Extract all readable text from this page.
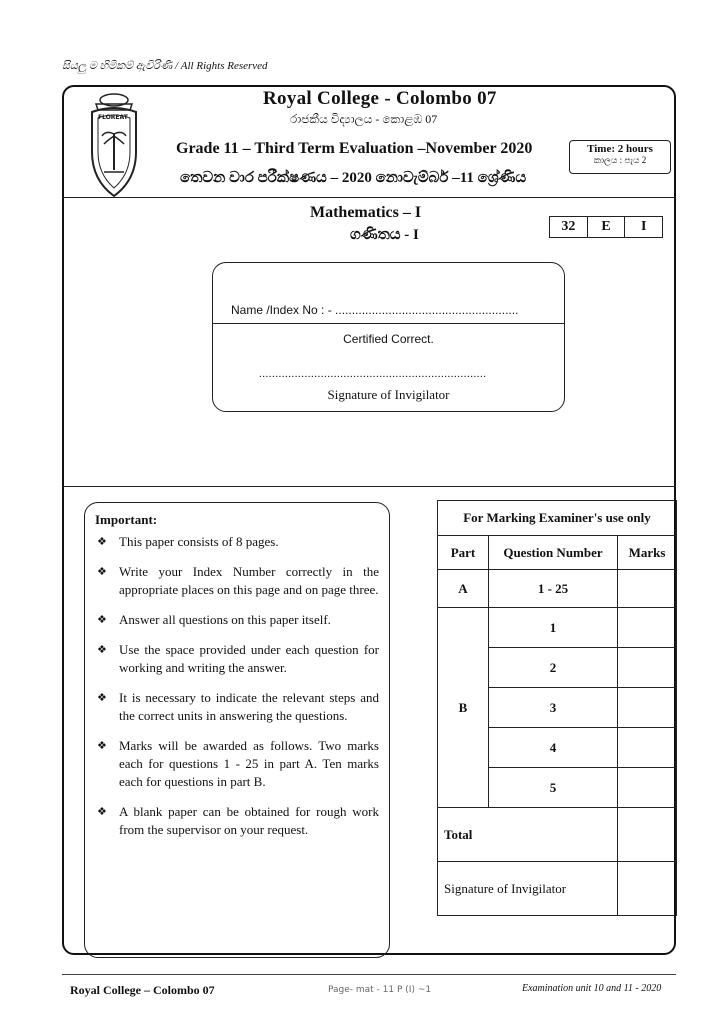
සියලු ම හිමිකම් ඇවිරිණි / All Rights Reserved
FLOREAT
Royal College - Colombo 07
රාජකීය විද්‍යාලය - කොළඹ 07
Grade 11 – Third Term Evaluation –November 2020
තෙවන වාර පරීක්ෂණය – 2020 නොවැම්බර් –11 ශ්‍රේණිය
Time: 2 hours
කාලය : පැය 2
Mathematics – I
ගණිතය - I
32	E	I
Name /Index No : - .......................................................
Certified Correct.
......................................................................
Signature of Invigilator
Important:
❖ This paper consists of 8 pages.
❖ Write your Index Number correctly in the appropriate places on this page and on page three.
❖ Answer all questions on this paper itself.
❖ Use the space provided under each question for working and writing the answer.
❖ It is necessary to indicate the relevant steps and the correct units in answering the questions.
❖ Marks will be awarded as follows. Two marks each for questions 1 - 25 in part A. Ten marks each for questions in part B.
❖ A blank paper can be obtained for rough work from the supervisor on your request.
For Marking Examiner's use only		
Part	Question Number	Marks
A	1 - 25	
B	1	
	2	
	3	
	4	
	5	
Total		
Signature of Invigilator		
Royal College – Colombo 07	Page- mat - 11 P (I) ~1	Examination unit 10 and 11 - 2020
